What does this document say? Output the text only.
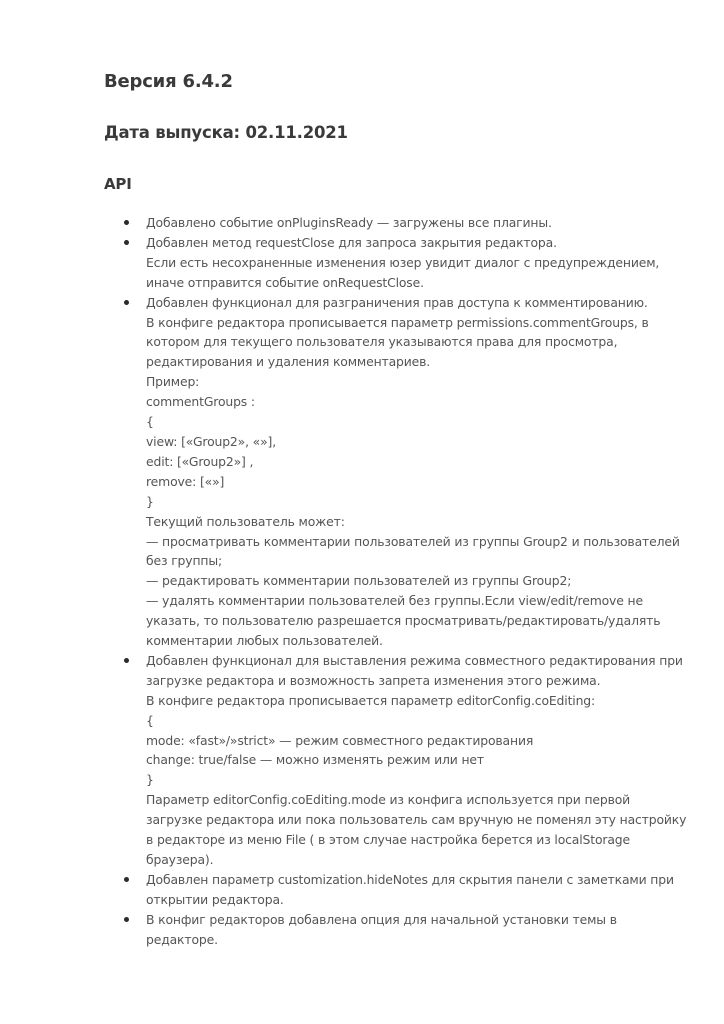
Версия 6.4.2
Дата выпуска: 02.11.2021
API
Добавлено событие onPluginsReady — загружены все плагины.
Добавлен метод requestClose для запроса закрытия редактора.
Если есть несохраненные изменения юзер увидит диалог с предупреждением,
иначе отправится событие onRequestClose.
Добавлен функционал для разграничения прав доступа к комментированию.
В конфиге редактора прописывается параметр permissions.commentGroups, в
котором для текущего пользователя указываются права для просмотра,
редактирования и удаления комментариев.
Пример:
commentGroups :
{
view: [«Group2», «»],
edit: [«Group2»] ,
remove: [«»]
}
Текущий пользователь может:
— просматривать комментарии пользователей из группы Group2 и пользователей
без группы;
— редактировать комментарии пользователей из группы Group2;
— удалять комментарии пользователей без группы.Если view/edit/remove не
указать, то пользователю разрешается просматривать/редактировать/удалять
комментарии любых пользователей.
Добавлен функционал для выставления режима совместного редактирования при
загрузке редактора и возможность запрета изменения этого режима.
В конфиге редактора прописывается параметр editorConfig.coEditing:
{
mode: «fast»/»strict» — режим совместного редактирования
change: true/false — можно изменять режим или нет
}
Параметр editorConfig.coEditing.mode из конфига используется при первой
загрузке редактора или пока пользователь сам вручную не поменял эту настройку
в редакторе из меню File ( в этом случае настройка берется из localStorage
браузера).
Добавлен параметр customization.hideNotes для скрытия панели с заметками при
открытии редактора.
В конфиг редакторов добавлена опция для начальной установки темы в
редакторе.
